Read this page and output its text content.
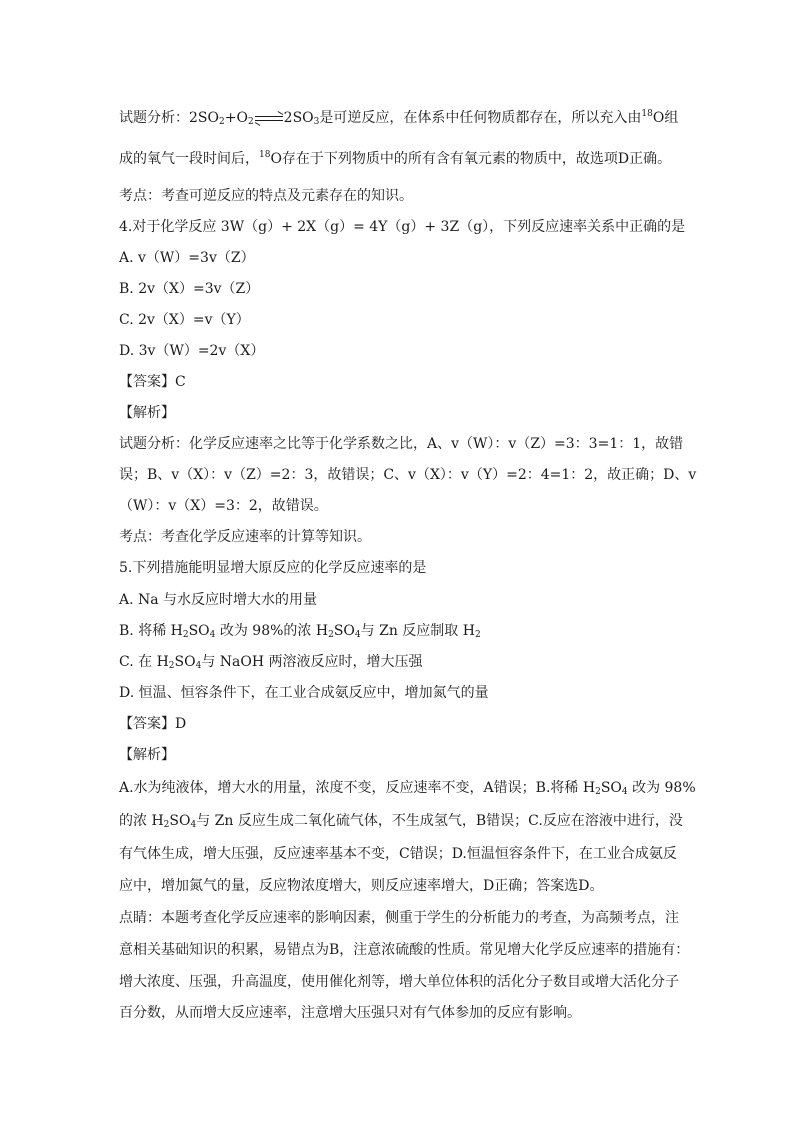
试题分析：$2SO_2+O_2$ $2SO_3$是可逆反应，在体系中任何物质都存在，所以充入由$^{18}$O组
成的氧气一段时间后，$^{18}$O存在于下列物质中的所有含有氧元素的物质中，故选项D正确。
考点：考查可逆反应的特点及元素存在的知识。
4.对于化学反应 3W（g）+ 2X（g）= 4Y（g）+ 3Z（g），下列反应速率关系中正确的是
A. v（W）=3v（Z）
B. 2v（X）=3v（Z）
C. 2v（X）=v（Y）
D. 3v（W）=2v（X）
【答案】C
【解析】
试题分析：化学反应速率之比等于化学系数之比，A、v（W）：v（Z）=3：3=1：1，故错
误；B、v（X）：v（Z）=2：3，故错误；C、v（X）：v（Y）=2：4=1：2，故正确；D、v
（W）：v（X）=3：2，故错误。
考点：考查化学反应速率的计算等知识。
5.下列措施能明显增大原反应的化学反应速率的是
A. Na 与水反应时增大水的用量
B. 将稀 $H_2SO_4$ 改为 98%的浓 $H_2SO_4$与 Zn 反应制取 $H_2$
C. 在 $H_2SO_4$与 NaOH 两溶液反应时，增大压强
D. 恒温、恒容条件下，在工业合成氨反应中，增加氮气的量
【答案】D
【解析】
A.水为纯液体，增大水的用量，浓度不变，反应速率不变，A错误；B.将稀 $H_2SO_4$ 改为 98%
的浓 $H_2SO_4$与 Zn 反应生成二氧化硫气体，不生成氢气，B错误；C.反应在溶液中进行，没
有气体生成，增大压强，反应速率基本不变，C错误；D.恒温恒容条件下，在工业合成氨反
应中，增加氮气的量，反应物浓度增大，则反应速率增大，D正确；答案选D。
点睛：本题考查化学反应速率的影响因素，侧重于学生的分析能力的考查，为高频考点，注
意相关基础知识的积累，易错点为B，注意浓硫酸的性质。常见增大化学反应速率的措施有：
增大浓度、压强，升高温度，使用催化剂等，增大单位体积的活化分子数目或增大活化分子
百分数，从而增大反应速率，注意增大压强只对有气体参加的反应有影响。
